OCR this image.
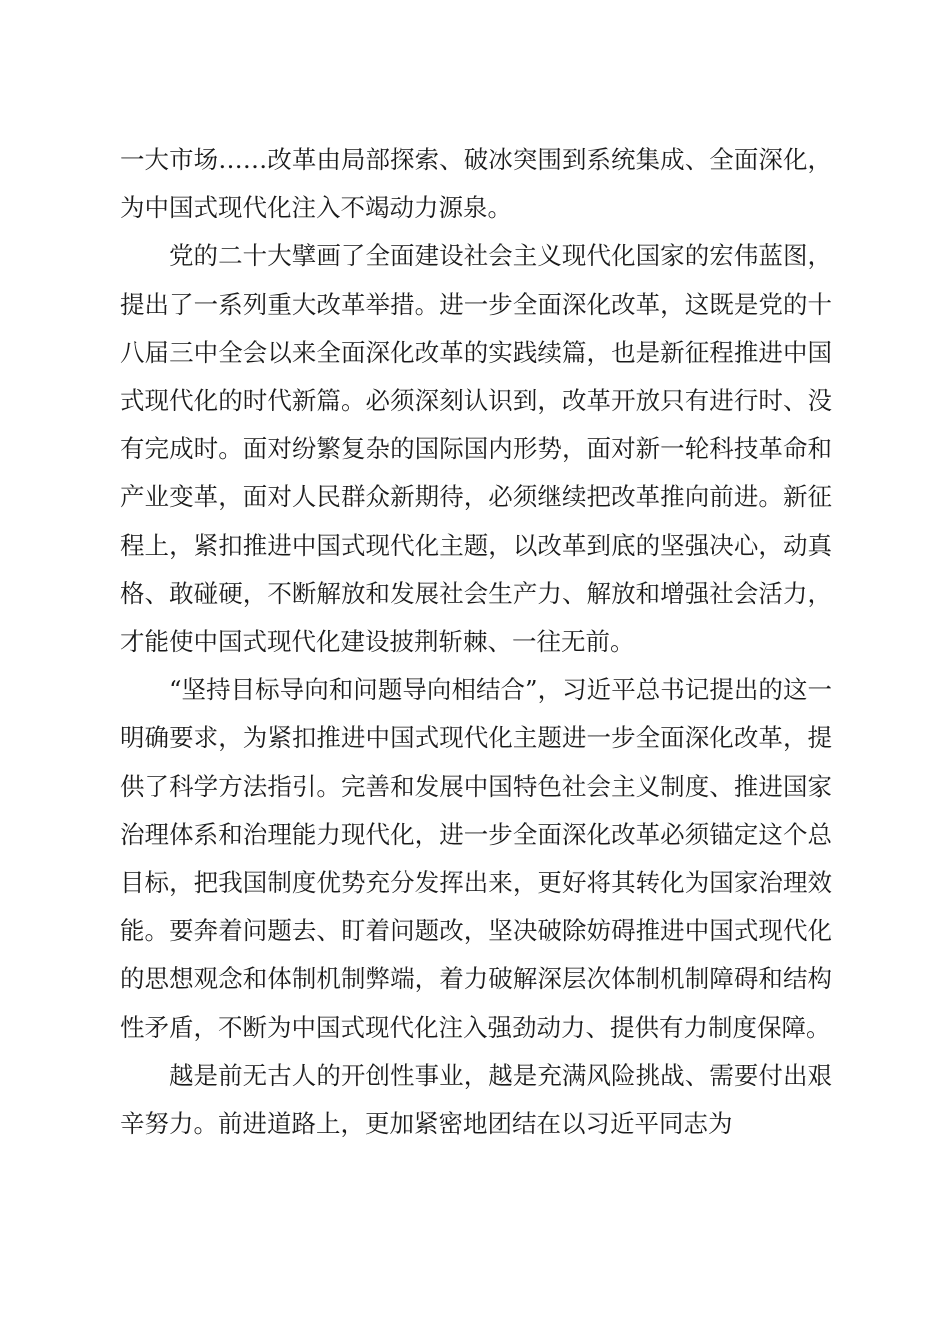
一大市场……改革由局部探索、破冰突围到系统集成、全面深化，为中国式现代化注入不竭动力源泉。

党的二十大擘画了全面建设社会主义现代化国家的宏伟蓝图，提出了一系列重大改革举措。进一步全面深化改革，这既是党的十八届三中全会以来全面深化改革的实践续篇，也是新征程推进中国式现代化的时代新篇。必须深刻认识到，改革开放只有进行时、没有完成时。面对纷繁复杂的国际国内形势，面对新一轮科技革命和产业变革，面对人民群众新期待，必须继续把改革推向前进。新征程上，紧扣推进中国式现代化主题，以改革到底的坚强决心，动真格、敢碰硬，不断解放和发展社会生产力、解放和增强社会活力，才能使中国式现代化建设披荆斩棘、一往无前。

“坚持目标导向和问题导向相结合”，习近平总书记提出的这一明确要求，为紧扣推进中国式现代化主题进一步全面深化改革，提供了科学方法指引。完善和发展中国特色社会主义制度、推进国家治理体系和治理能力现代化，进一步全面深化改革必须锚定这个总目标，把我国制度优势充分发挥出来，更好将其转化为国家治理效能。要奔着问题去、盯着问题改，坚决破除妨碍推进中国式现代化的思想观念和体制机制弊端，着力破解深层次体制机制障碍和结构性矛盾，不断为中国式现代化注入强劲动力、提供有力制度保障。

越是前无古人的开创性事业，越是充满风险挑战、需要付出艰辛努力。前进道路上，更加紧密地团结在以习近平同志为
